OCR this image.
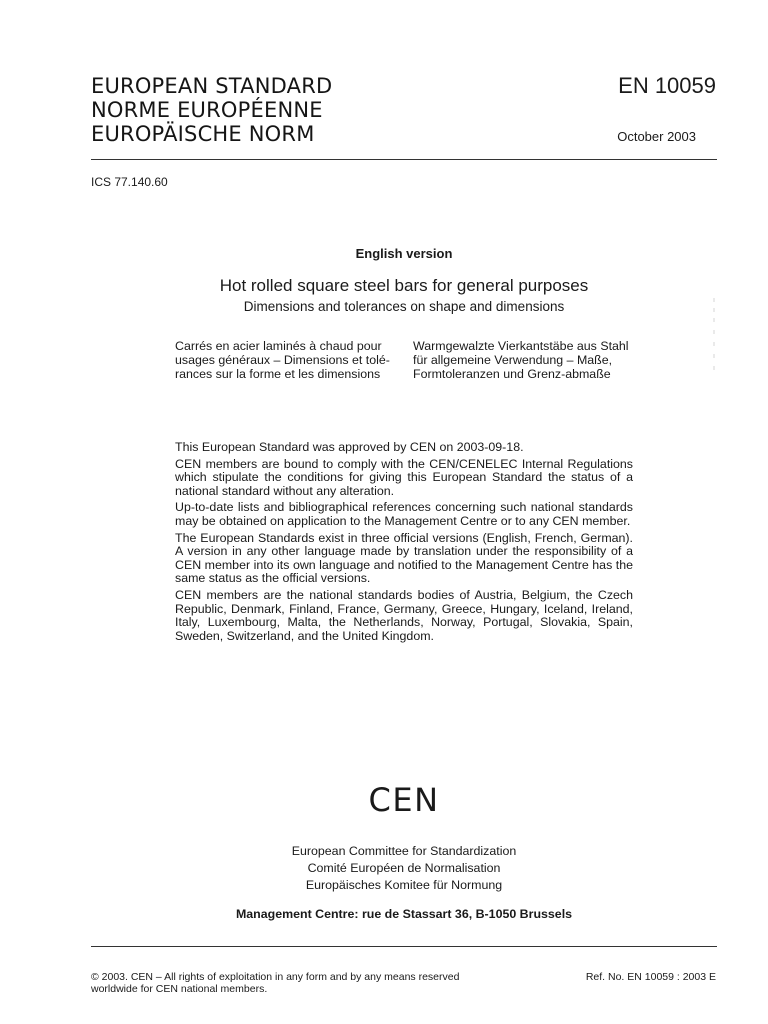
EUROPEAN STANDARD
NORME EUROPÉENNE
EUROPÄISCHE NORM
EN 10059
October 2003
ICS 77.140.60
English version
Hot rolled square steel bars for general purposes
Dimensions and tolerances on shape and dimensions
Carrés en acier laminés à chaud pour usages généraux – Dimensions et tolé-rances sur la forme et les dimensions
Warmgewalzte Vierkantstäbe aus Stahl für allgemeine Verwendung – Maße, Formtoleranzen und Grenz-abmaße

This European Standard was approved by CEN on 2003-09-18.

CEN members are bound to comply with the CEN/CENELEC Internal Regulations which stipulate the conditions for giving this European Standard the status of a national standard without any alteration.

Up-to-date lists and bibliographical references concerning such national standards may be obtained on application to the Management Centre or to any CEN member.

The European Standards exist in three official versions (English, French, German). A version in any other language made by translation under the responsibility of a CEN member into its own language and notified to the Management Centre has the same status as the official versions.

CEN members are the national standards bodies of Austria, Belgium, the Czech Republic, Denmark, Finland, France, Germany, Greece, Hungary, Iceland, Ireland, Italy, Luxembourg, Malta, the Netherlands, Norway, Portugal, Slovakia, Spain, Sweden, Switzerland, and the United Kingdom.

CEN
European Committee for Standardization
Comité Européen de Normalisation
Europäisches Komitee für Normung
Management Centre: rue de Stassart 36, B-1050 Brussels
© 2003. CEN – All rights of exploitation in any form and by any means reserved worldwide for CEN national members.
Ref. No. EN 10059 : 2003 E
